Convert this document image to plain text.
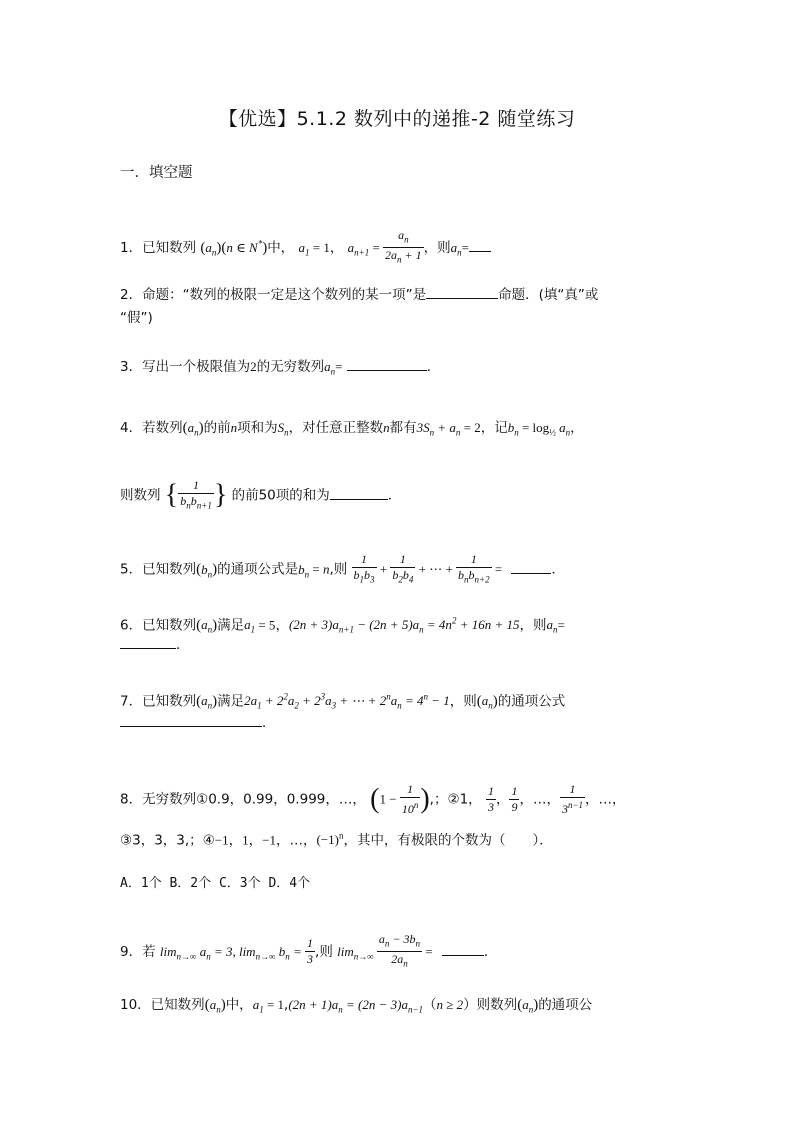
【优选】5.1.2 数列中的递推-2 随堂练习
一．填空题
1．已知数列 $(a_n)(n$ ∈ N*)中， $a_1 = 1$， $a_{n+1} = \frac{a_n}{2a_n + 1}$ ，则$a_n=$
2．命题：“数列的极限一定是这个数列的某一项”是	命题．(填“真”或
“假”)
3．写出一个极限值为2的无穷数列$a_n=$	．
4．若数列$(a_n)$的前n项和为$S_n$，对任意正整数n都有$3S_n + a_n = 2$，记$b_n = \log_{\frac{1}{2}} a_n$，
则数列 { $\frac{1}{b_nb_{n+1}}$ } 的前50项的和为	．
5．已知数列$(b_n)$的通项公式是$b_n = n$,则 $\frac{1}{b_1b_3} + \frac{1}{b_2b_4}$ + ⋯ + $\frac{1}{b_nb_{n+2}}$ =	．
6．已知数列$(a_n)$满足$a_1 = 5$，$(2n + 3)a_{n+1} - (2n + 5)a_n = 4n^2 + 16n + 15$，则$a_n=$
．
7．已知数列$(a_n)$满足$2a_1 + 2^2a_2 + 2^3a_3$ + ⋯ + $2^na_n = 4^n - 1$，则$(a_n)$的通项公式
．
8．无穷数列①0.9，0.99，0.999，…， ($1 - \frac{1}{10^n}$ ),；②1， $\frac{1}{3}$ ， $\frac{1}{9}$ ，…， $\frac{1}{3^{n-1}}$ ，…，
③3，3，3,；④−1，1，−1，…，$(-1)^n$，其中，有极限的个数为（　　）．
A．1个 B．2个 C．3个 D．4个
9．若 $\lim_{n\to\infty} a_n = 3$, $\lim_{n\to\infty} b_n = \frac{1}{3}$ ,则 $\lim_{n\to\infty} \frac{a_n - 3b_n}{2a_n}$ =	．
10．已知数列$(a_n)$中，$a_1 = 1,(2n + 1)a_n = (2n - 3)a_{n-1}(n \ge 2)$则数列$(a_n)$的通项公
